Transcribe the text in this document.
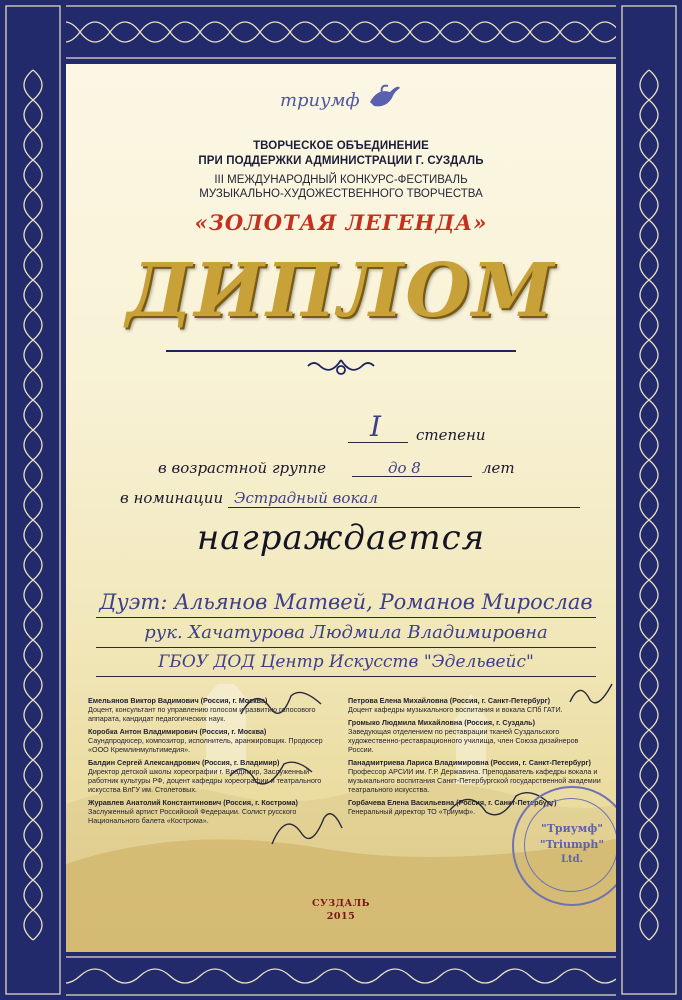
триумф
ТВОРЧЕСКОЕ ОБЪЕДИНЕНИЕ
ПРИ ПОДДЕРЖКИ АДМИНИСТРАЦИИ Г. СУЗДАЛЬ
III МЕЖДУНАРОДНЫЙ КОНКУРС-ФЕСТИВАЛЬ
МУЗЫКАЛЬНО-ХУДОЖЕСТВЕННОГО ТВОРЧЕСТВА
«ЗОЛОТАЯ ЛЕГЕНДА»
ДИПЛОМ
I степени
в возрастной группе	до 8	лет
в номинации Эстрадный вокал
награждается
Дуэт: Альянов Матвей, Романов Мирослав
рук. Хачатурова Людмила Владимировна
ГБОУ ДОД Центр Искусств "Эдельвейс"
Емельянов Виктор Вадимович (Россия, г. Москва)
Доцент, консультант по управлению голосом и развитию голосового аппарата, кандидат педагогических наук.
Коробка Антон Владимирович (Россия, г. Москва)
Саундпродюсер, композитор, исполнитель, аранжировщик. Продюсер «ООО Кремлинмультимедия».
Балдин Сергей Александрович (Россия, г. Владимир)
Директор детской школы хореографии г. Владимир, Заслуженный работник культуры РФ, доцент кафедры хореографии и театрального искусства ВлГУ им. Столетовых.
Журавлев Анатолий Константинович (Россия, г. Кострома)
Заслуженный артист Российской Федерации. Солист русского Национального балета «Кострома».
Петрова Елена Михайловна (Россия, г. Санкт-Петербург)
Доцент кафедры музыкального воспитания и вокала СПб ГАТИ.
Громыко Людмила Михайловна (Россия, г. Суздаль)
Заведующая отделением по реставрации тканей Суздальского художественно-реставрационного училища, член Союза дизайнеров России.
Панадмитриева Лариса Владимировна (Россия, г. Санкт-Петербург)
Профессор АРСИИ им. Г.Р. Державина. Преподаватель кафедры вокала и музыкального воспитания Санкт-Петербургской государственной академии театрального искусства.
Горбачева Елена Васильевна (Россия, г. Санкт-Петербург)
Генеральный директор ТО «Триумф».
СУЗДАЛЬ
2015
"Триумф"
"Triumph"
Ltd.
